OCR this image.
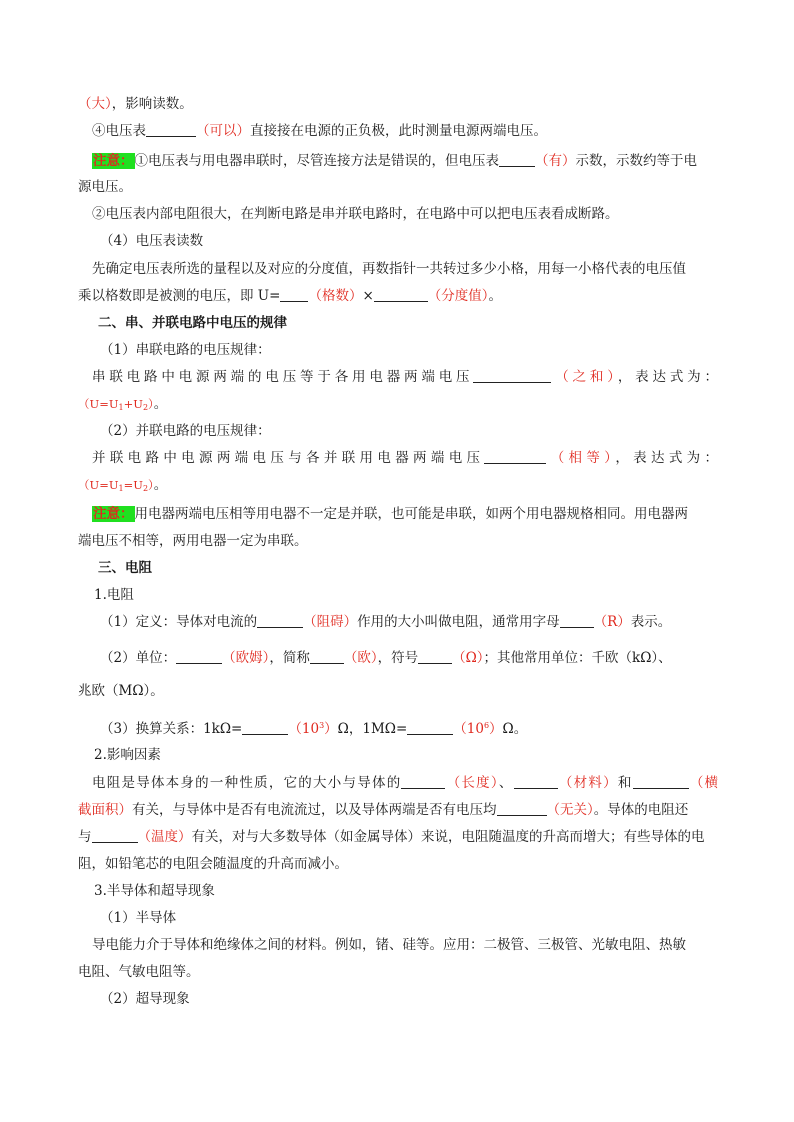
（大），影响读数。
④电压表	（可以）直接接在电源的正负极，此时测量电源两端电压。
注意：①电压表与用电器串联时，尽管连接方法是错误的，但电压表	（有）示数，示数约等于电
源电压。
②电压表内部电阻很大，在判断电路是串并联电路时，在电路中可以把电压表看成断路。
（4）电压表读数
先确定电压表所选的量程以及对应的分度值，再数指针一共转过多少小格，用每一小格代表的电压值
乘以格数即是被测的电压，即 U= （格数）×	（分度值）。
二、串、并联电路中电压的规律
（1）串联电路的电压规律：
串联电路中电源两端的电压等于各用电器两端电压	（之和），表达式为：
$(U=U_1+U_2)$。
（2）并联电路的电压规律：
并联电路中电源两端电压与各并联用电器两端电压	（相等），表达式为：
$(U=U_1=U_2)$。
注意：用电器两端电压相等用电器不一定是并联，也可能是串联，如两个用电器规格相同。用电器两
端电压不相等，两用电器一定为串联。
三、电阻
1.电阻
（1）定义：导体对电流的	（阻碍）作用的大小叫做电阻，通常用字母	（R）表示。
（2）单位：	（欧姆），简称	（欧），符号	（Ω）；其他常用单位：千欧（kΩ）、
兆欧（MΩ）。
（3）换算关系：1kΩ=	$(10^3)\Omega$，1MΩ=	$(10^6)\Omega$。
2.影响因素
电阻是导体本身的一种性质，它的大小与导体的	（长度）、	（材料）和	（横
截面积）有关，与导体中是否有电流流过，以及导体两端是否有电压均	（无关）。导体的电阻还
与	（温度）有关，对与大多数导体（如金属导体）来说，电阻随温度的升高而增大；有些导体的电
阻，如铅笔芯的电阻会随温度的升高而减小。
3.半导体和超导现象
（1）半导体
导电能力介于导体和绝缘体之间的材料。例如，锗、硅等。应用：二极管、三极管、光敏电阻、热敏
电阻、气敏电阻等。
（2）超导现象
